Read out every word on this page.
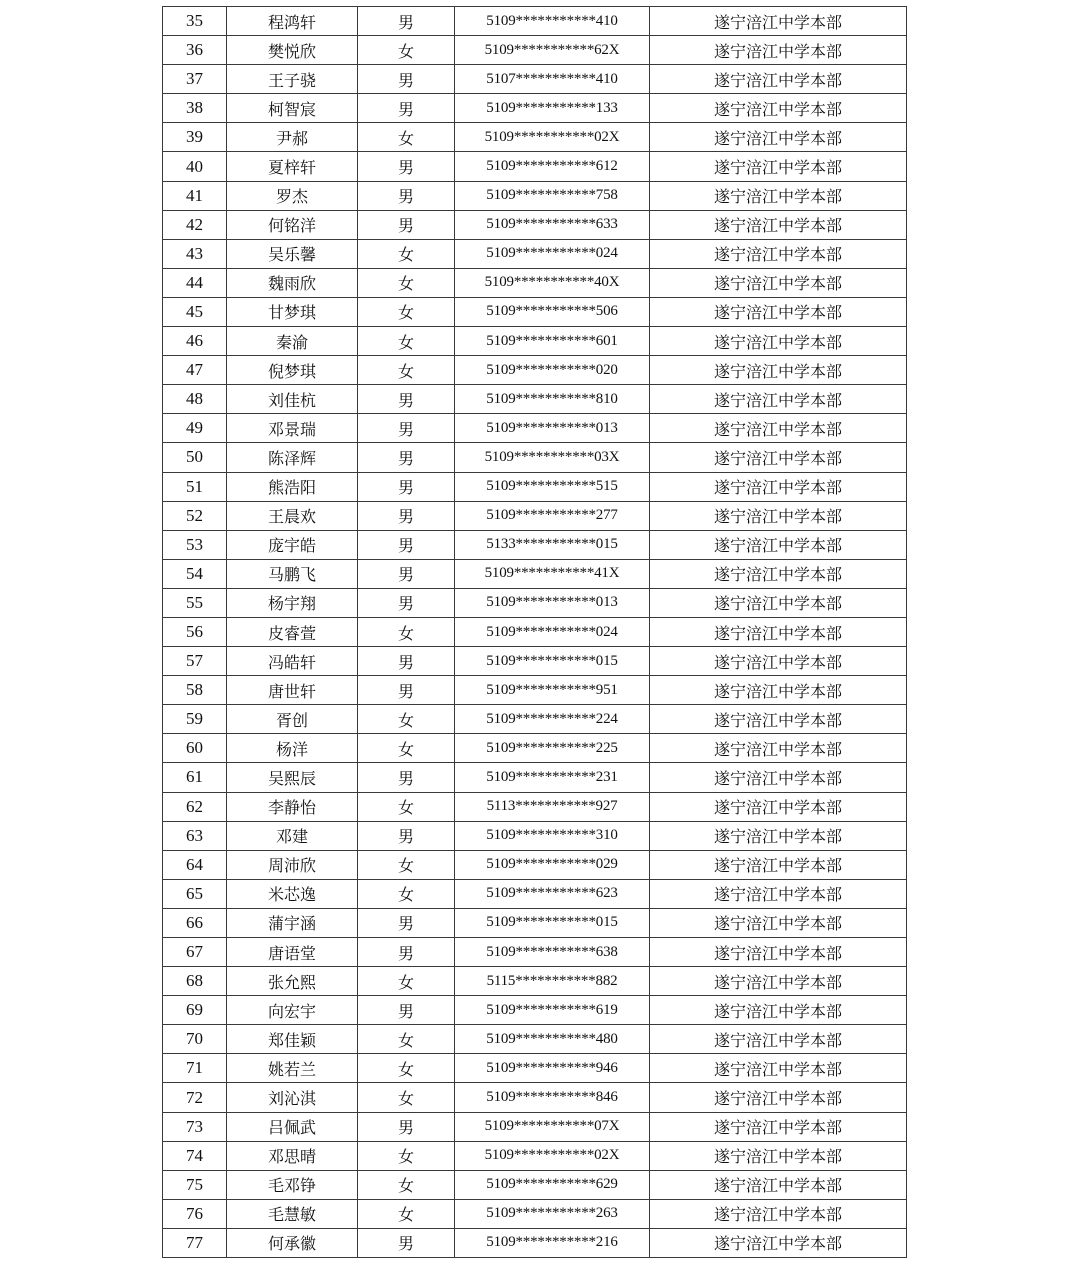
35	程鸿轩	男	5109***********410	遂宁涪江中学本部
36	樊悦欣	女	5109***********62X	遂宁涪江中学本部
37	王子骁	男	5107***********410	遂宁涪江中学本部
38	柯智宸	男	5109***********133	遂宁涪江中学本部
39	尹郝	女	5109***********02X	遂宁涪江中学本部
40	夏梓轩	男	5109***********612	遂宁涪江中学本部
41	罗杰	男	5109***********758	遂宁涪江中学本部
42	何铭洋	男	5109***********633	遂宁涪江中学本部
43	吴乐馨	女	5109***********024	遂宁涪江中学本部
44	魏雨欣	女	5109***********40X	遂宁涪江中学本部
45	甘梦琪	女	5109***********506	遂宁涪江中学本部
46	秦渝	女	5109***********601	遂宁涪江中学本部
47	倪梦琪	女	5109***********020	遂宁涪江中学本部
48	刘佳杭	男	5109***********810	遂宁涪江中学本部
49	邓景瑞	男	5109***********013	遂宁涪江中学本部
50	陈泽辉	男	5109***********03X	遂宁涪江中学本部
51	熊浩阳	男	5109***********515	遂宁涪江中学本部
52	王晨欢	男	5109***********277	遂宁涪江中学本部
53	庞宇皓	男	5133***********015	遂宁涪江中学本部
54	马鹏飞	男	5109***********41X	遂宁涪江中学本部
55	杨宇翔	男	5109***********013	遂宁涪江中学本部
56	皮睿萱	女	5109***********024	遂宁涪江中学本部
57	冯皓轩	男	5109***********015	遂宁涪江中学本部
58	唐世轩	男	5109***********951	遂宁涪江中学本部
59	胥创	女	5109***********224	遂宁涪江中学本部
60	杨洋	女	5109***********225	遂宁涪江中学本部
61	吴熙辰	男	5109***********231	遂宁涪江中学本部
62	李静怡	女	5113***********927	遂宁涪江中学本部
63	邓建	男	5109***********310	遂宁涪江中学本部
64	周沛欣	女	5109***********029	遂宁涪江中学本部
65	米芯逸	女	5109***********623	遂宁涪江中学本部
66	蒲宇涵	男	5109***********015	遂宁涪江中学本部
67	唐语堂	男	5109***********638	遂宁涪江中学本部
68	张允熙	女	5115***********882	遂宁涪江中学本部
69	向宏宇	男	5109***********619	遂宁涪江中学本部
70	郑佳颖	女	5109***********480	遂宁涪江中学本部
71	姚若兰	女	5109***********946	遂宁涪江中学本部
72	刘沁淇	女	5109***********846	遂宁涪江中学本部
73	吕佩武	男	5109***********07X	遂宁涪江中学本部
74	邓思晴	女	5109***********02X	遂宁涪江中学本部
75	毛邓铮	女	5109***********629	遂宁涪江中学本部
76	毛慧敏	女	5109***********263	遂宁涪江中学本部
77	何承徽	男	5109***********216	遂宁涪江中学本部
